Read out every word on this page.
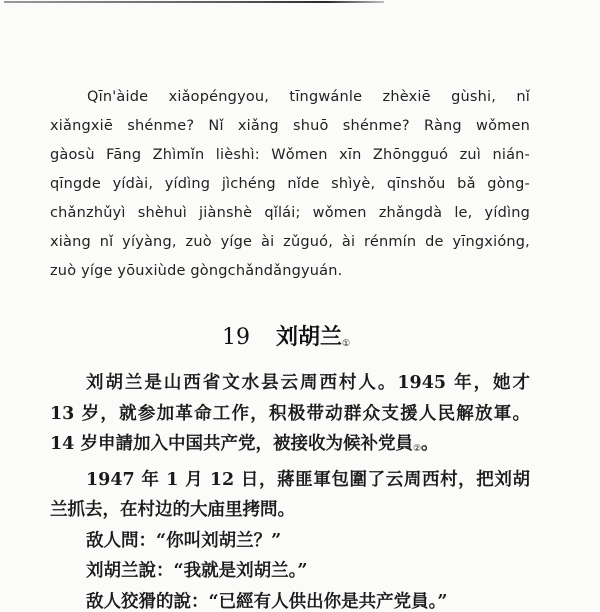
Qīn'àide xiǎopéngyou, tīngwánle zhèxiē gùshi, nǐ
xiǎngxiē shénme? Nǐ xiǎng shuō shénme? Ràng wǒmen
gàosù Fāng Zhìmǐn lièshì: Wǒmen xīn Zhōngguó zuì nián-
qīngde yídài, yídìng jìchéng nǐde shìyè, qīnshǒu bǎ gòng-
chǎnzhǔyì shèhuì jiànshè qǐlái; wǒmen zhǎngdà le, yídìng
xiàng nǐ yíyàng, zuò yíge ài zǔguó, ài rénmín de yīngxióng,
zuò yíge yōuxiùde gòngchǎndǎngyuán.
19 刘胡兰①
刘胡兰是山西省文水县云周西村人。1945 年，她才
13 岁，就参加革命工作，积极带动群众支援人民解放軍。
14 岁申請加入中国共产党，被接收为候补党員②。
1947 年 1 月 12 日，蔣匪軍包圍了云周西村，把刘胡
兰抓去，在村边的大庙里拷問。
敌人問：“你叫刘胡兰？”
刘胡兰說：“我就是刘胡兰。”
敌人狡猾的說：“已經有人供出你是共产党員。”
